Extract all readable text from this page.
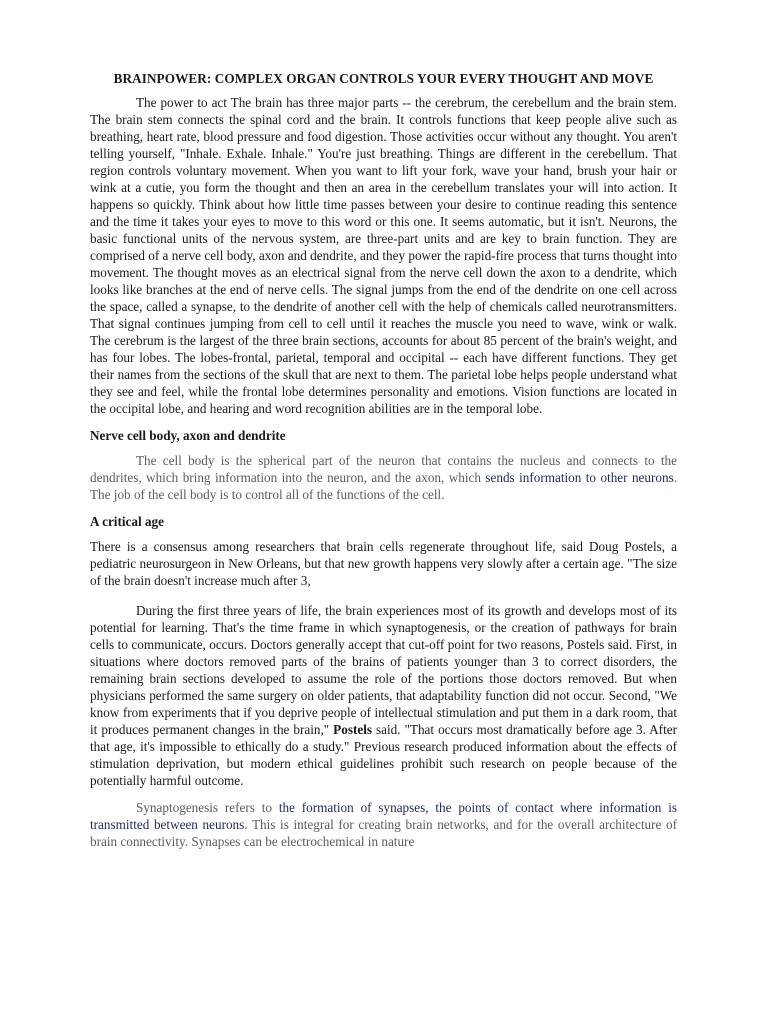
BRAINPOWER: COMPLEX ORGAN CONTROLS YOUR EVERY THOUGHT AND MOVE

The power to act The brain has three major parts -- the cerebrum, the cerebellum and the brain stem. The brain stem connects the spinal cord and the brain. It controls functions that keep people alive such as breathing, heart rate, blood pressure and food digestion. Those activities occur without any thought. You aren't telling yourself, "Inhale. Exhale. Inhale." You're just breathing. Things are different in the cerebellum. That region controls voluntary movement. When you want to lift your fork, wave your hand, brush your hair or wink at a cutie, you form the thought and then an area in the cerebellum translates your will into action. It happens so quickly. Think about how little time passes between your desire to continue reading this sentence and the time it takes your eyes to move to this word or this one. It seems automatic, but it isn't. Neurons, the basic functional units of the nervous system, are three-part units and are key to brain function. They are comprised of a nerve cell body, axon and dendrite, and they power the rapid-fire process that turns thought into movement. The thought moves as an electrical signal from the nerve cell down the axon to a dendrite, which looks like branches at the end of nerve cells. The signal jumps from the end of the dendrite on one cell across the space, called a synapse, to the dendrite of another cell with the help of chemicals called neurotransmitters. That signal continues jumping from cell to cell until it reaches the muscle you need to wave, wink or walk. The cerebrum is the largest of the three brain sections, accounts for about 85 percent of the brain's weight, and has four lobes. The lobes-frontal, parietal, temporal and occipital -- each have different functions. They get their names from the sections of the skull that are next to them. The parietal lobe helps people understand what they see and feel, while the frontal lobe determines personality and emotions. Vision functions are located in the occipital lobe, and hearing and word recognition abilities are in the temporal lobe.

Nerve cell body, axon and dendrite

The cell body is the spherical part of the neuron that contains the nucleus and connects to the dendrites, which bring information into the neuron, and the axon, which sends information to other neurons. The job of the cell body is to control all of the functions of the cell.

A critical age

There is a consensus among researchers that brain cells regenerate throughout life, said Doug Postels, a pediatric neurosurgeon in New Orleans, but that new growth happens very slowly after a certain age. "The size of the brain doesn't increase much after 3,

During the first three years of life, the brain experiences most of its growth and develops most of its potential for learning. That's the time frame in which synaptogenesis, or the creation of pathways for brain cells to communicate, occurs. Doctors generally accept that cut-off point for two reasons, Postels said. First, in situations where doctors removed parts of the brains of patients younger than 3 to correct disorders, the remaining brain sections developed to assume the role of the portions those doctors removed. But when physicians performed the same surgery on older patients, that adaptability function did not occur. Second, "We know from experiments that if you deprive people of intellectual stimulation and put them in a dark room, that it produces permanent changes in the brain," Postels said. "That occurs most dramatically before age 3. After that age, it's impossible to ethically do a study." Previous research produced information about the effects of stimulation deprivation, but modern ethical guidelines prohibit such research on people because of the potentially harmful outcome.

Synaptogenesis refers to the formation of synapses, the points of contact where information is transmitted between neurons. This is integral for creating brain networks, and for the overall architecture of brain connectivity. Synapses can be electrochemical in nature
